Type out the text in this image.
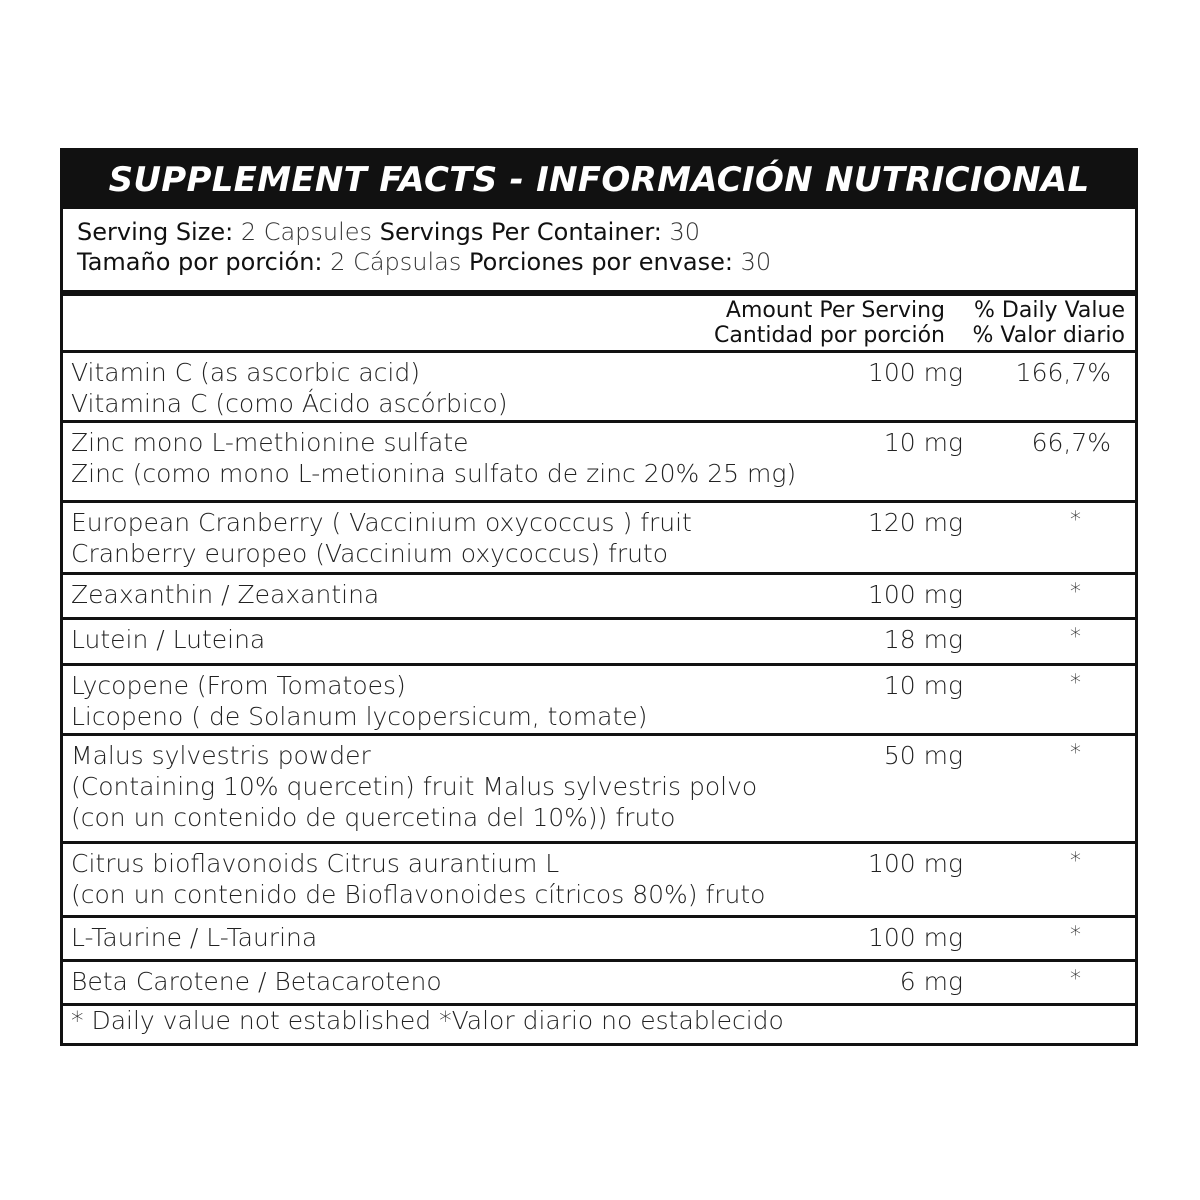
SUPPLEMENT FACTS - INFORMACIÓN NUTRICIONAL
Serving Size: 2 Capsules Servings Per Container: 30
Tamaño por porción: 2 Cápsulas Porciones por envase: 30
Amount Per Serving
Cantidad por porción
% Daily Value
% Valor diario
Vitamin C (as ascorbic acid)
Vitamina C (como Ácido ascórbico)
100 mg	166,7%
Zinc mono L-methionine sulfate
Zinc (como mono L-metionina sulfato de zinc 20% 25 mg)
10 mg	66,7%
European Cranberry ( Vaccinium oxycoccus ) fruit
Cranberry europeo (Vaccinium oxycoccus) fruto
120 mg	*
Zeaxanthin / Zeaxantina	100 mg	*
Lutein / Luteina	18 mg	*
Lycopene (From Tomatoes)
Licopeno ( de Solanum lycopersicum, tomate)
10 mg	*
Malus sylvestris powder
(Containing 10% quercetin) fruit Malus sylvestris polvo
(con un contenido de quercetina del 10%)) fruto
50 mg	*
Citrus bioflavonoids Citrus aurantium L
(con un contenido de Bioflavonoides cítricos 80%) fruto
100 mg	*
L-Taurine / L-Taurina	100 mg	*
Beta Carotene / Betacaroteno	6 mg	*
* Daily value not established *Valor diario no establecido
